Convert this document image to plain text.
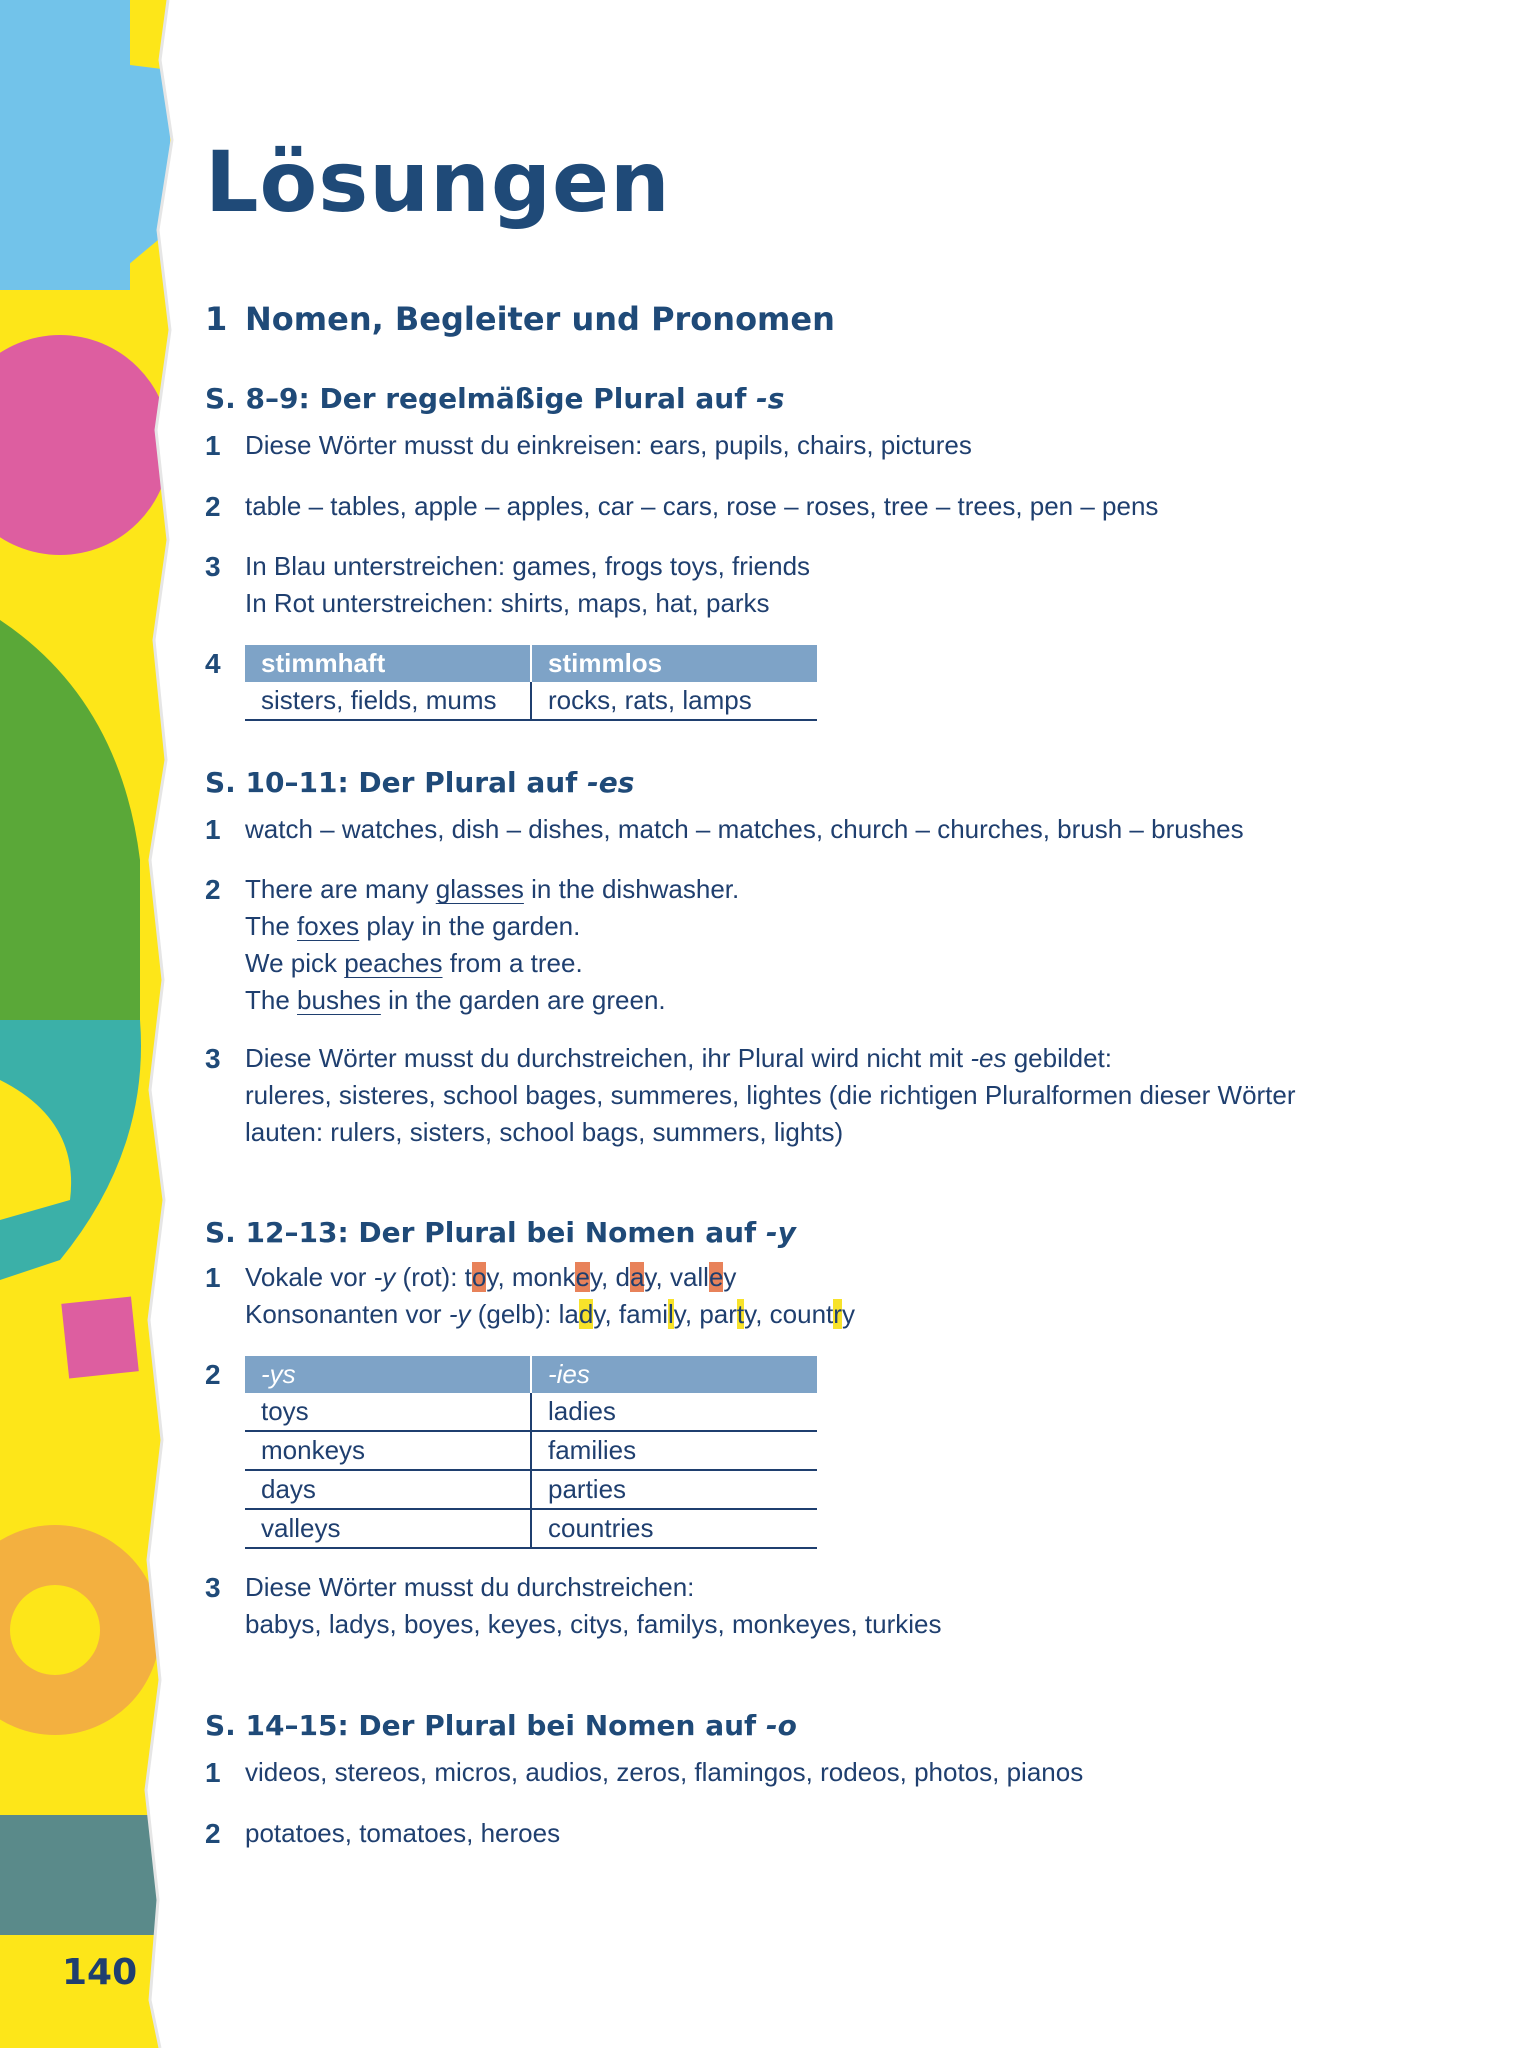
140
Lösungen
1 Nomen, Begleiter und Pronomen
S. 8–9: Der regelmäßige Plural auf -s
1 Diese Wörter musst du einkreisen: ears, pupils, chairs, pictures
2 table – tables, apple – apples, car – cars, rose – roses, tree – trees, pen – pens
3 In Blau unterstreichen: games, frogs toys, friends
In Rot unterstreichen: shirts, maps, hat, parks
4 stimmhaft	stimmlos
sisters, fields, mums	rocks, rats, lamps
S. 10–11: Der Plural auf -es
1 watch – watches, dish – dishes, match – matches, church – churches, brush – brushes
2 There are many glasses in the dishwasher.
The foxes play in the garden.
We pick peaches from a tree.
The bushes in the garden are green.
3 Diese Wörter musst du durchstreichen, ihr Plural wird nicht mit -es gebildet:
ruleres, sisteres, school bages, summeres, lightes (die richtigen Pluralformen dieser Wörter
lauten: rulers, sisters, school bags, summers, lights)
S. 12–13: Der Plural bei Nomen auf -y
1 Vokale vor -y (rot): toy, monkey, day, valley
Konsonanten vor -y (gelb): lady, family, party, country
2 -ys	-ies
toys	ladies
monkeys	families
days	parties
valleys	countries
3 Diese Wörter musst du durchstreichen:
babys, ladys, boyes, keyes, citys, familys, monkeyes, turkies
S. 14–15: Der Plural bei Nomen auf -o
1 videos, stereos, micros, audios, zeros, flamingos, rodeos, photos, pianos
2 potatoes, tomatoes, heroes
